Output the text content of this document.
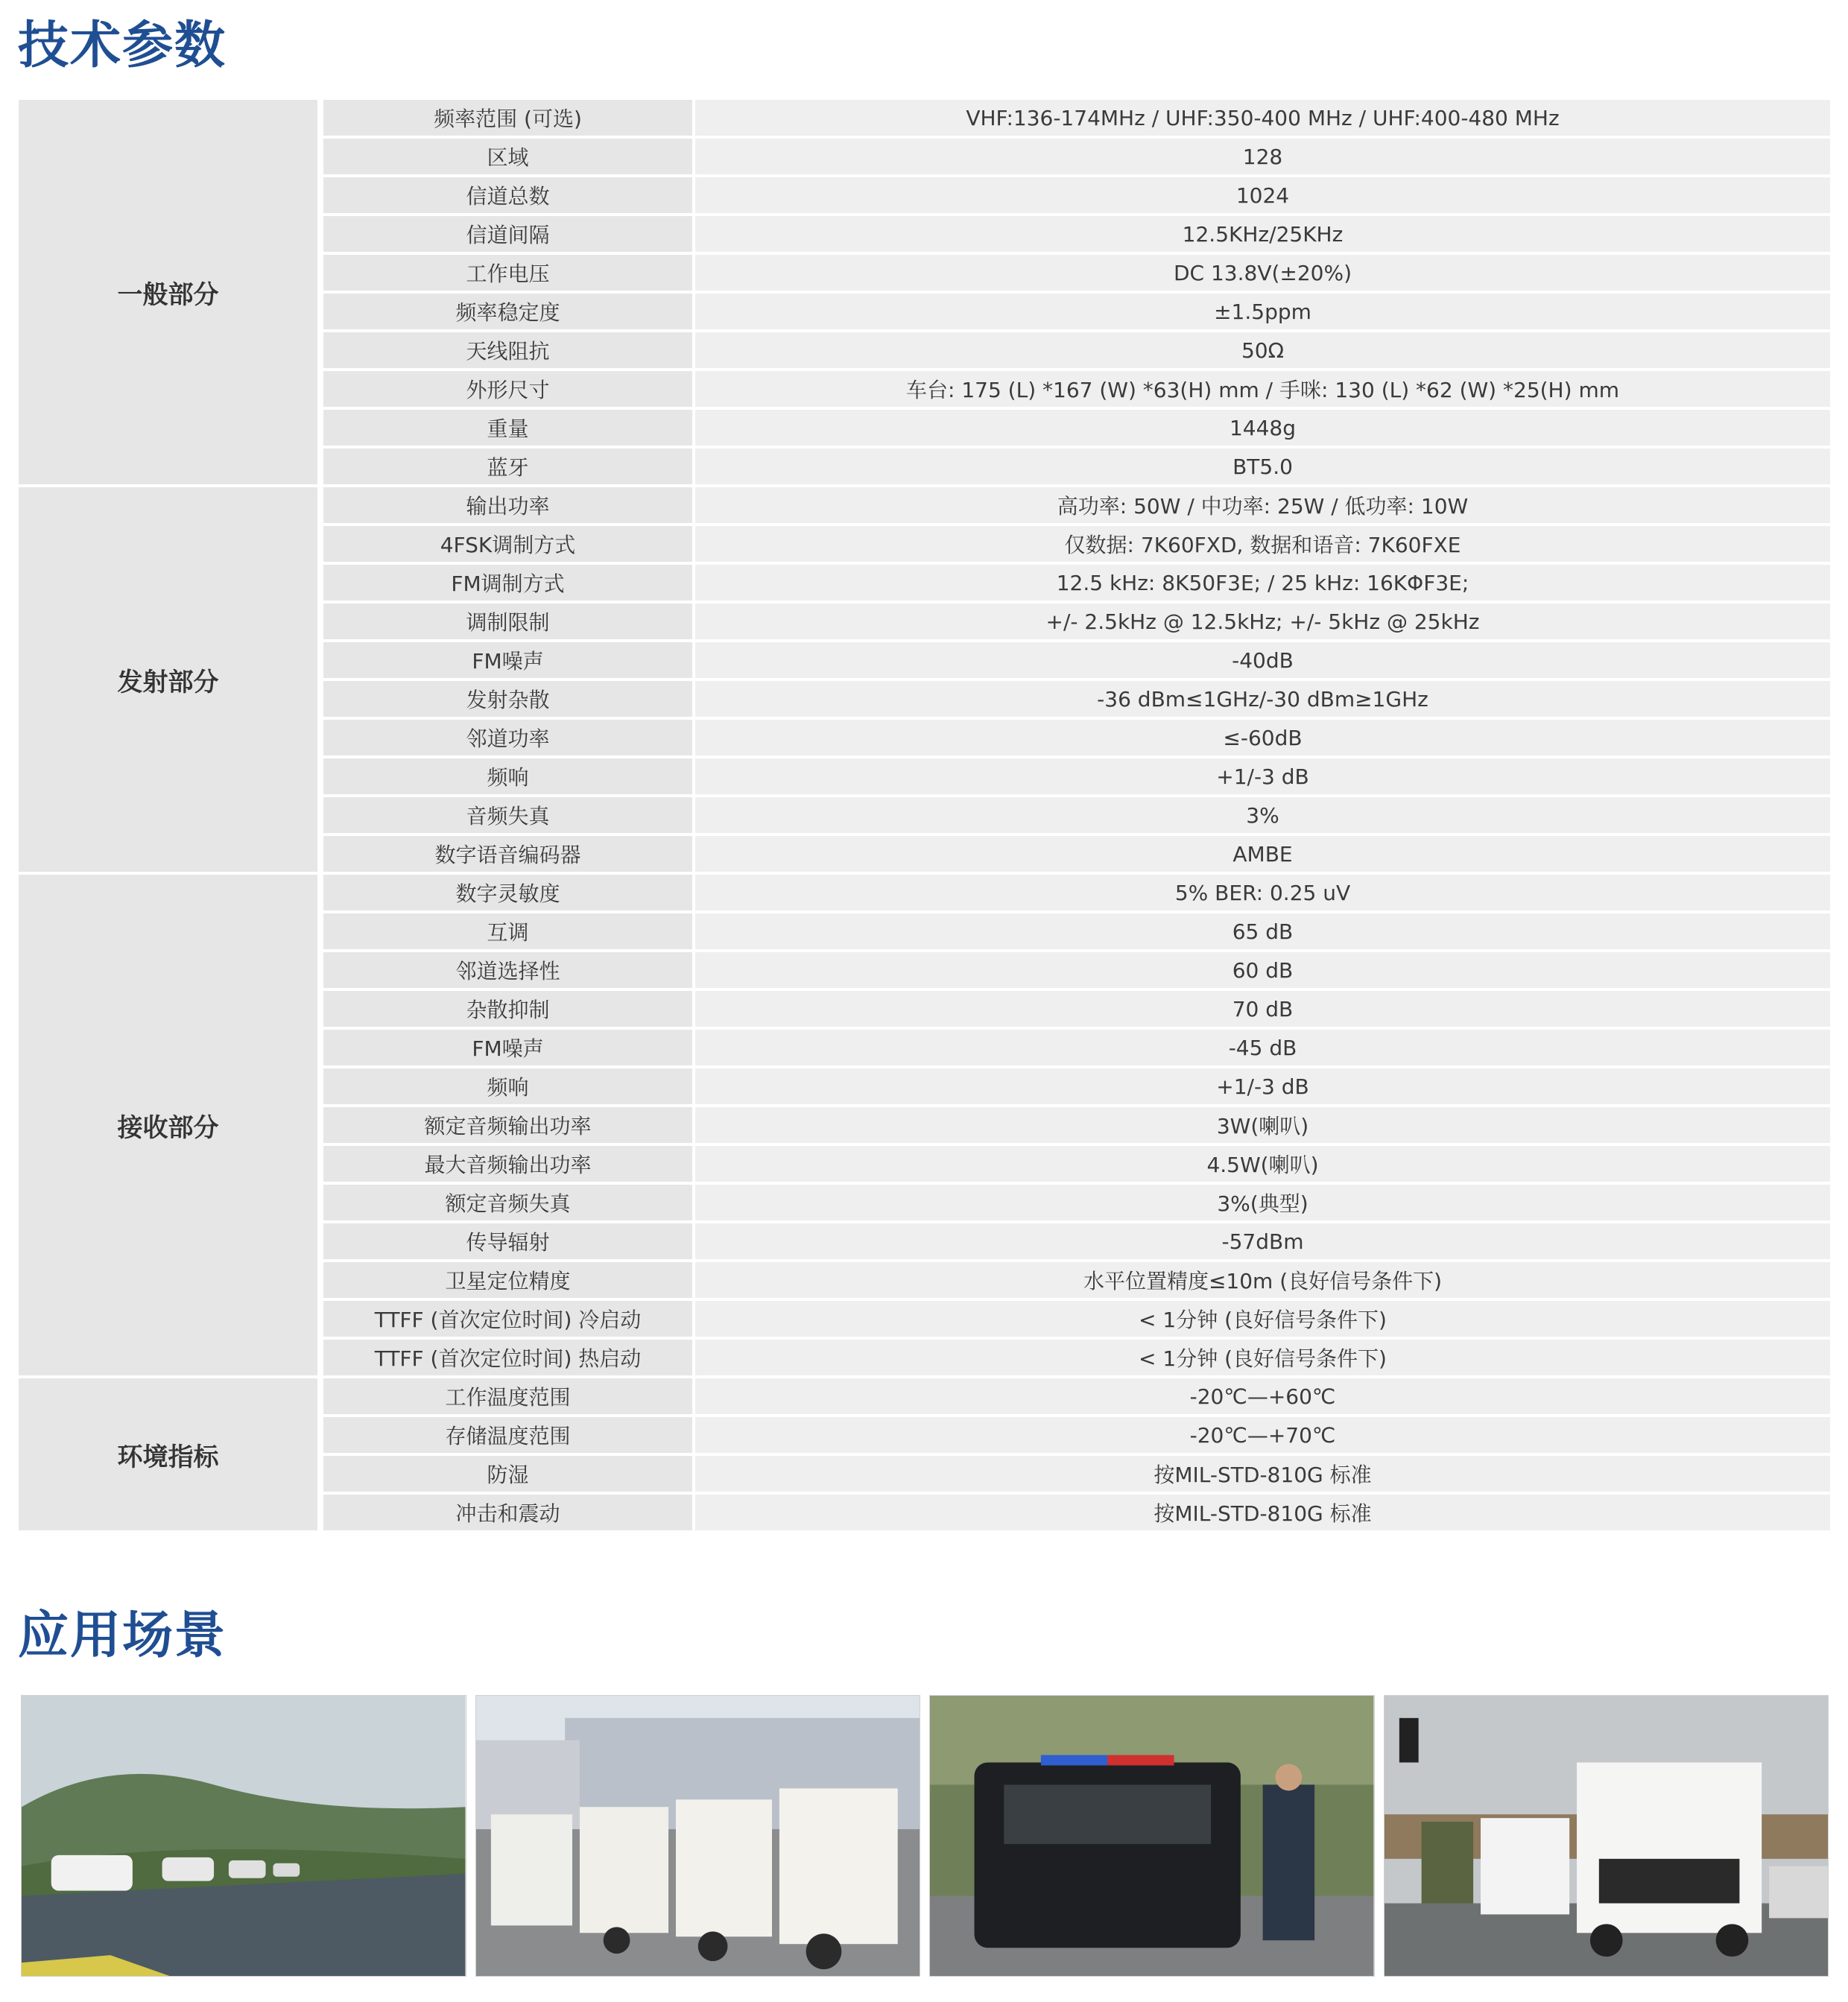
技术参数
一般部分
频率范围 (可选)	VHF:136-174MHz / UHF:350-400 MHz / UHF:400-480 MHz
区域	128
信道总数	1024
信道间隔	12.5KHz/25KHz
工作电压	DC 13.8V(±20%)
频率稳定度	±1.5ppm
天线阻抗	50Ω
外形尺寸	车台: 175 (L) *167 (W) *63(H) mm / 手咪: 130 (L) *62 (W) *25(H) mm
重量	1448g
蓝牙	BT5.0
发射部分
输出功率	高功率: 50W / 中功率: 25W / 低功率: 10W
4FSK调制方式	仅数据: 7K60FXD, 数据和语音: 7K60FXE
FM调制方式	12.5 kHz: 8K50F3E; / 25 kHz: 16KΦF3E;
调制限制	+/- 2.5kHz @ 12.5kHz; +/- 5kHz @ 25kHz
FM噪声	-40dB
发射杂散	-36 dBm≤1GHz/-30 dBm≥1GHz
邻道功率	≤-60dB
频响	+1/-3 dB
音频失真	3%
数字语音编码器	AMBE
接收部分
数字灵敏度	5% BER: 0.25 uV
互调	65 dB
邻道选择性	60 dB
杂散抑制	70 dB
FM噪声	-45 dB
频响	+1/-3 dB
额定音频输出功率	3W(喇叭)
最大音频输出功率	4.5W(喇叭)
额定音频失真	3%(典型)
传导辐射	-57dBm
卫星定位精度	水平位置精度≤10m (良好信号条件下)
TTFF (首次定位时间) 冷启动	< 1分钟 (良好信号条件下)
TTFF (首次定位时间) 热启动	< 1分钟 (良好信号条件下)
环境指标
工作温度范围	-20℃—+60℃
存储温度范围	-20℃—+70℃
防湿	按MIL-STD-810G 标准
冲击和震动	按MIL-STD-810G 标准
应用场景
